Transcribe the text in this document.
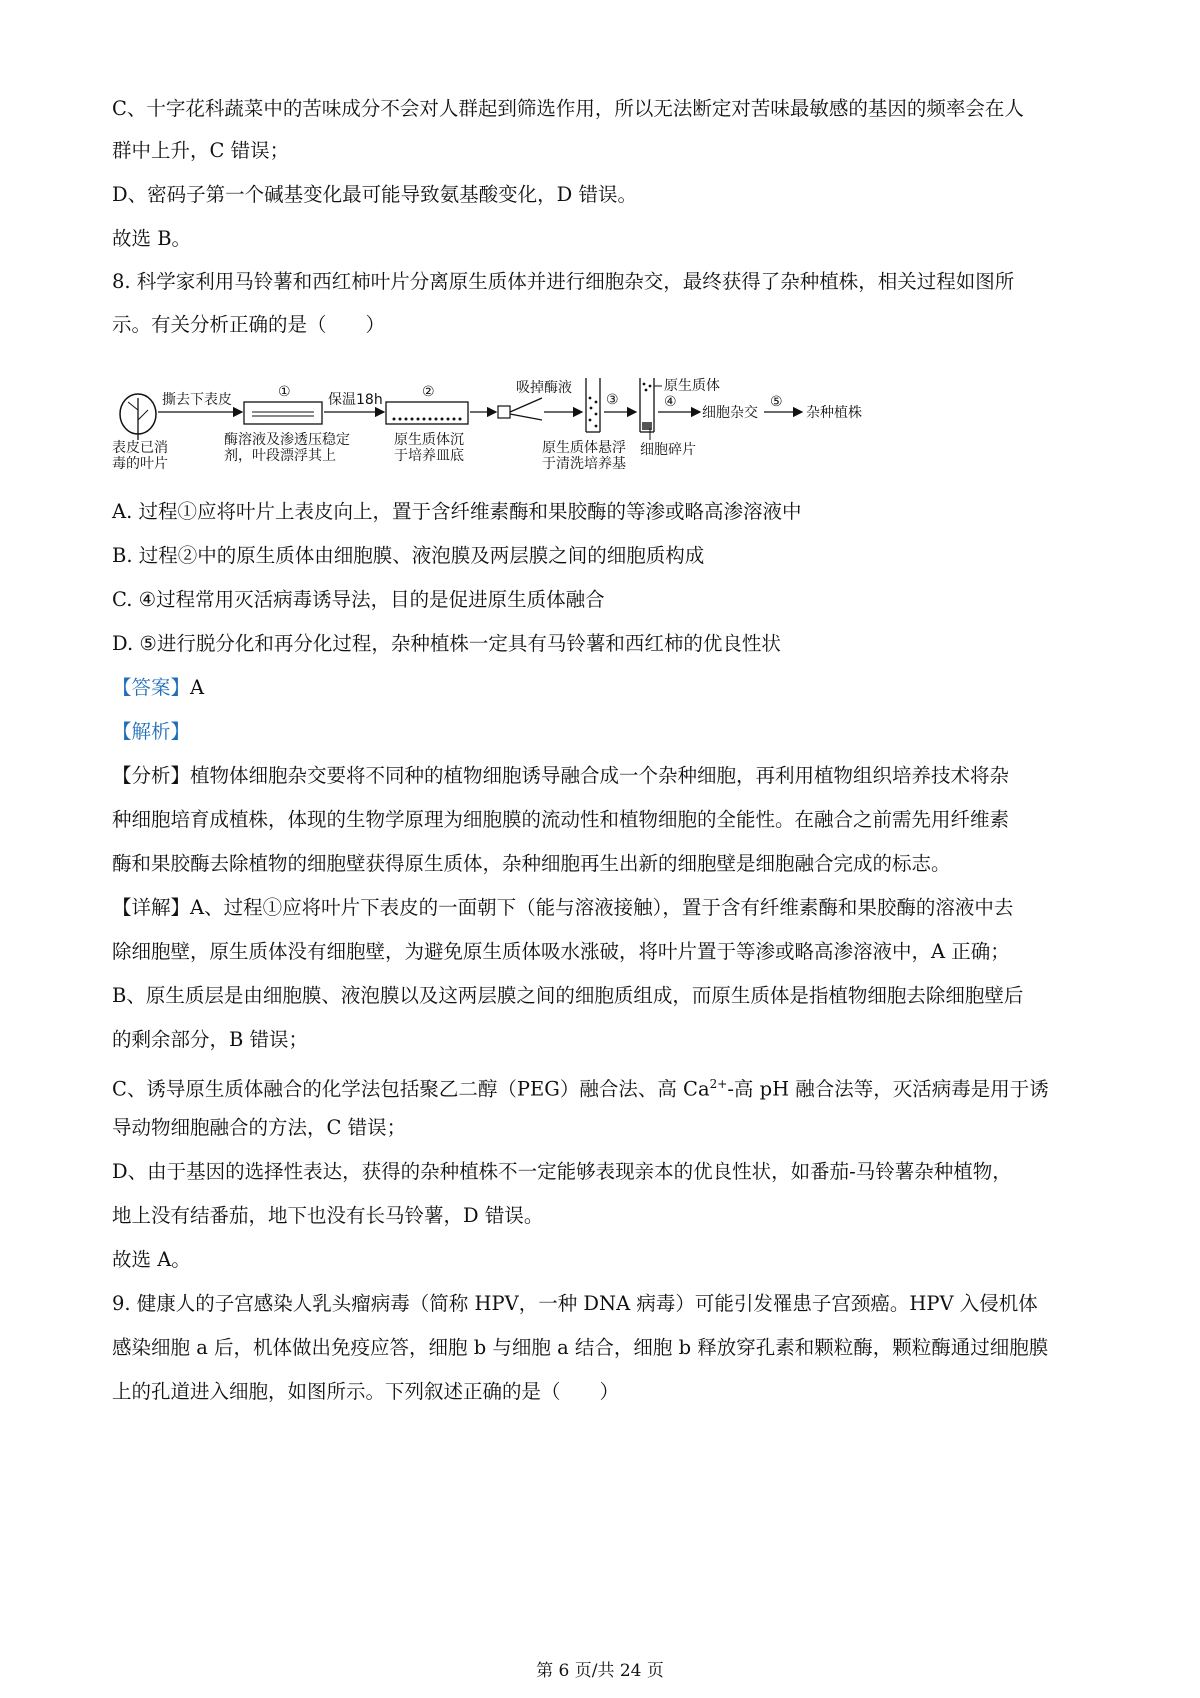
C、十字花科蔬菜中的苦味成分不会对人群起到筛选作用，所以无法断定对苦味最敏感的基因的频率会在人
群中上升，C 错误；
D、密码子第一个碱基变化最可能导致氨基酸变化，D 错误。
故选 B。
8. 科学家利用马铃薯和西红柿叶片分离原生质体并进行细胞杂交，最终获得了杂种植株，相关过程如图所
示。有关分析正确的是（　　）
表皮已消
毒的叶片
撕去下表皮	①
酶溶液及渗透压稳定
剂，叶段漂浮其上
保温18h	②
原生质体沉
于培养皿底
吸掉酶液
原生质体悬浮
于清洗培养基
③
原生质体
细胞碎片
④
细胞杂交
⑤
杂种植株
A. 过程①应将叶片上表皮向上，置于含纤维素酶和果胶酶的等渗或略高渗溶液中
B. 过程②中的原生质体由细胞膜、液泡膜及两层膜之间的细胞质构成
C. ④过程常用灭活病毒诱导法，目的是促进原生质体融合
D. ⑤进行脱分化和再分化过程，杂种植株一定具有马铃薯和西红柿的优良性状
【答案】A
【解析】
【分析】植物体细胞杂交要将不同种的植物细胞诱导融合成一个杂种细胞，再利用植物组织培养技术将杂
种细胞培育成植株，体现的生物学原理为细胞膜的流动性和植物细胞的全能性。在融合之前需先用纤维素
酶和果胶酶去除植物的细胞壁获得原生质体，杂种细胞再生出新的细胞壁是细胞融合完成的标志。
【详解】A、过程①应将叶片下表皮的一面朝下（能与溶液接触），置于含有纤维素酶和果胶酶的溶液中去
除细胞壁，原生质体没有细胞壁，为避免原生质体吸水涨破，将叶片置于等渗或略高渗溶液中，A 正确；
B、原生质层是由细胞膜、液泡膜以及这两层膜之间的细胞质组成，而原生质体是指植物细胞去除细胞壁后
的剩余部分，B 错误；
C、诱导原生质体融合的化学法包括聚乙二醇（PEG）融合法、高 $Ca^{2+}-$高 pH 融合法等，灭活病毒是用于诱
导动物细胞融合的方法，C 错误；
D、由于基因的选择性表达，获得的杂种植株不一定能够表现亲本的优良性状，如番茄-马铃薯杂种植物，
地上没有结番茄，地下也没有长马铃薯，D 错误。
故选 A。
9. 健康人的子宫感染人乳头瘤病毒（简称 HPV，一种 DNA 病毒）可能引发罹患子宫颈癌。HPV 入侵机体
感染细胞 a 后，机体做出免疫应答，细胞 b 与细胞 a 结合，细胞 b 释放穿孔素和颗粒酶，颗粒酶通过细胞膜
上的孔道进入细胞，如图所示。下列叙述正确的是（　　）
第 6 页/共 24 页
